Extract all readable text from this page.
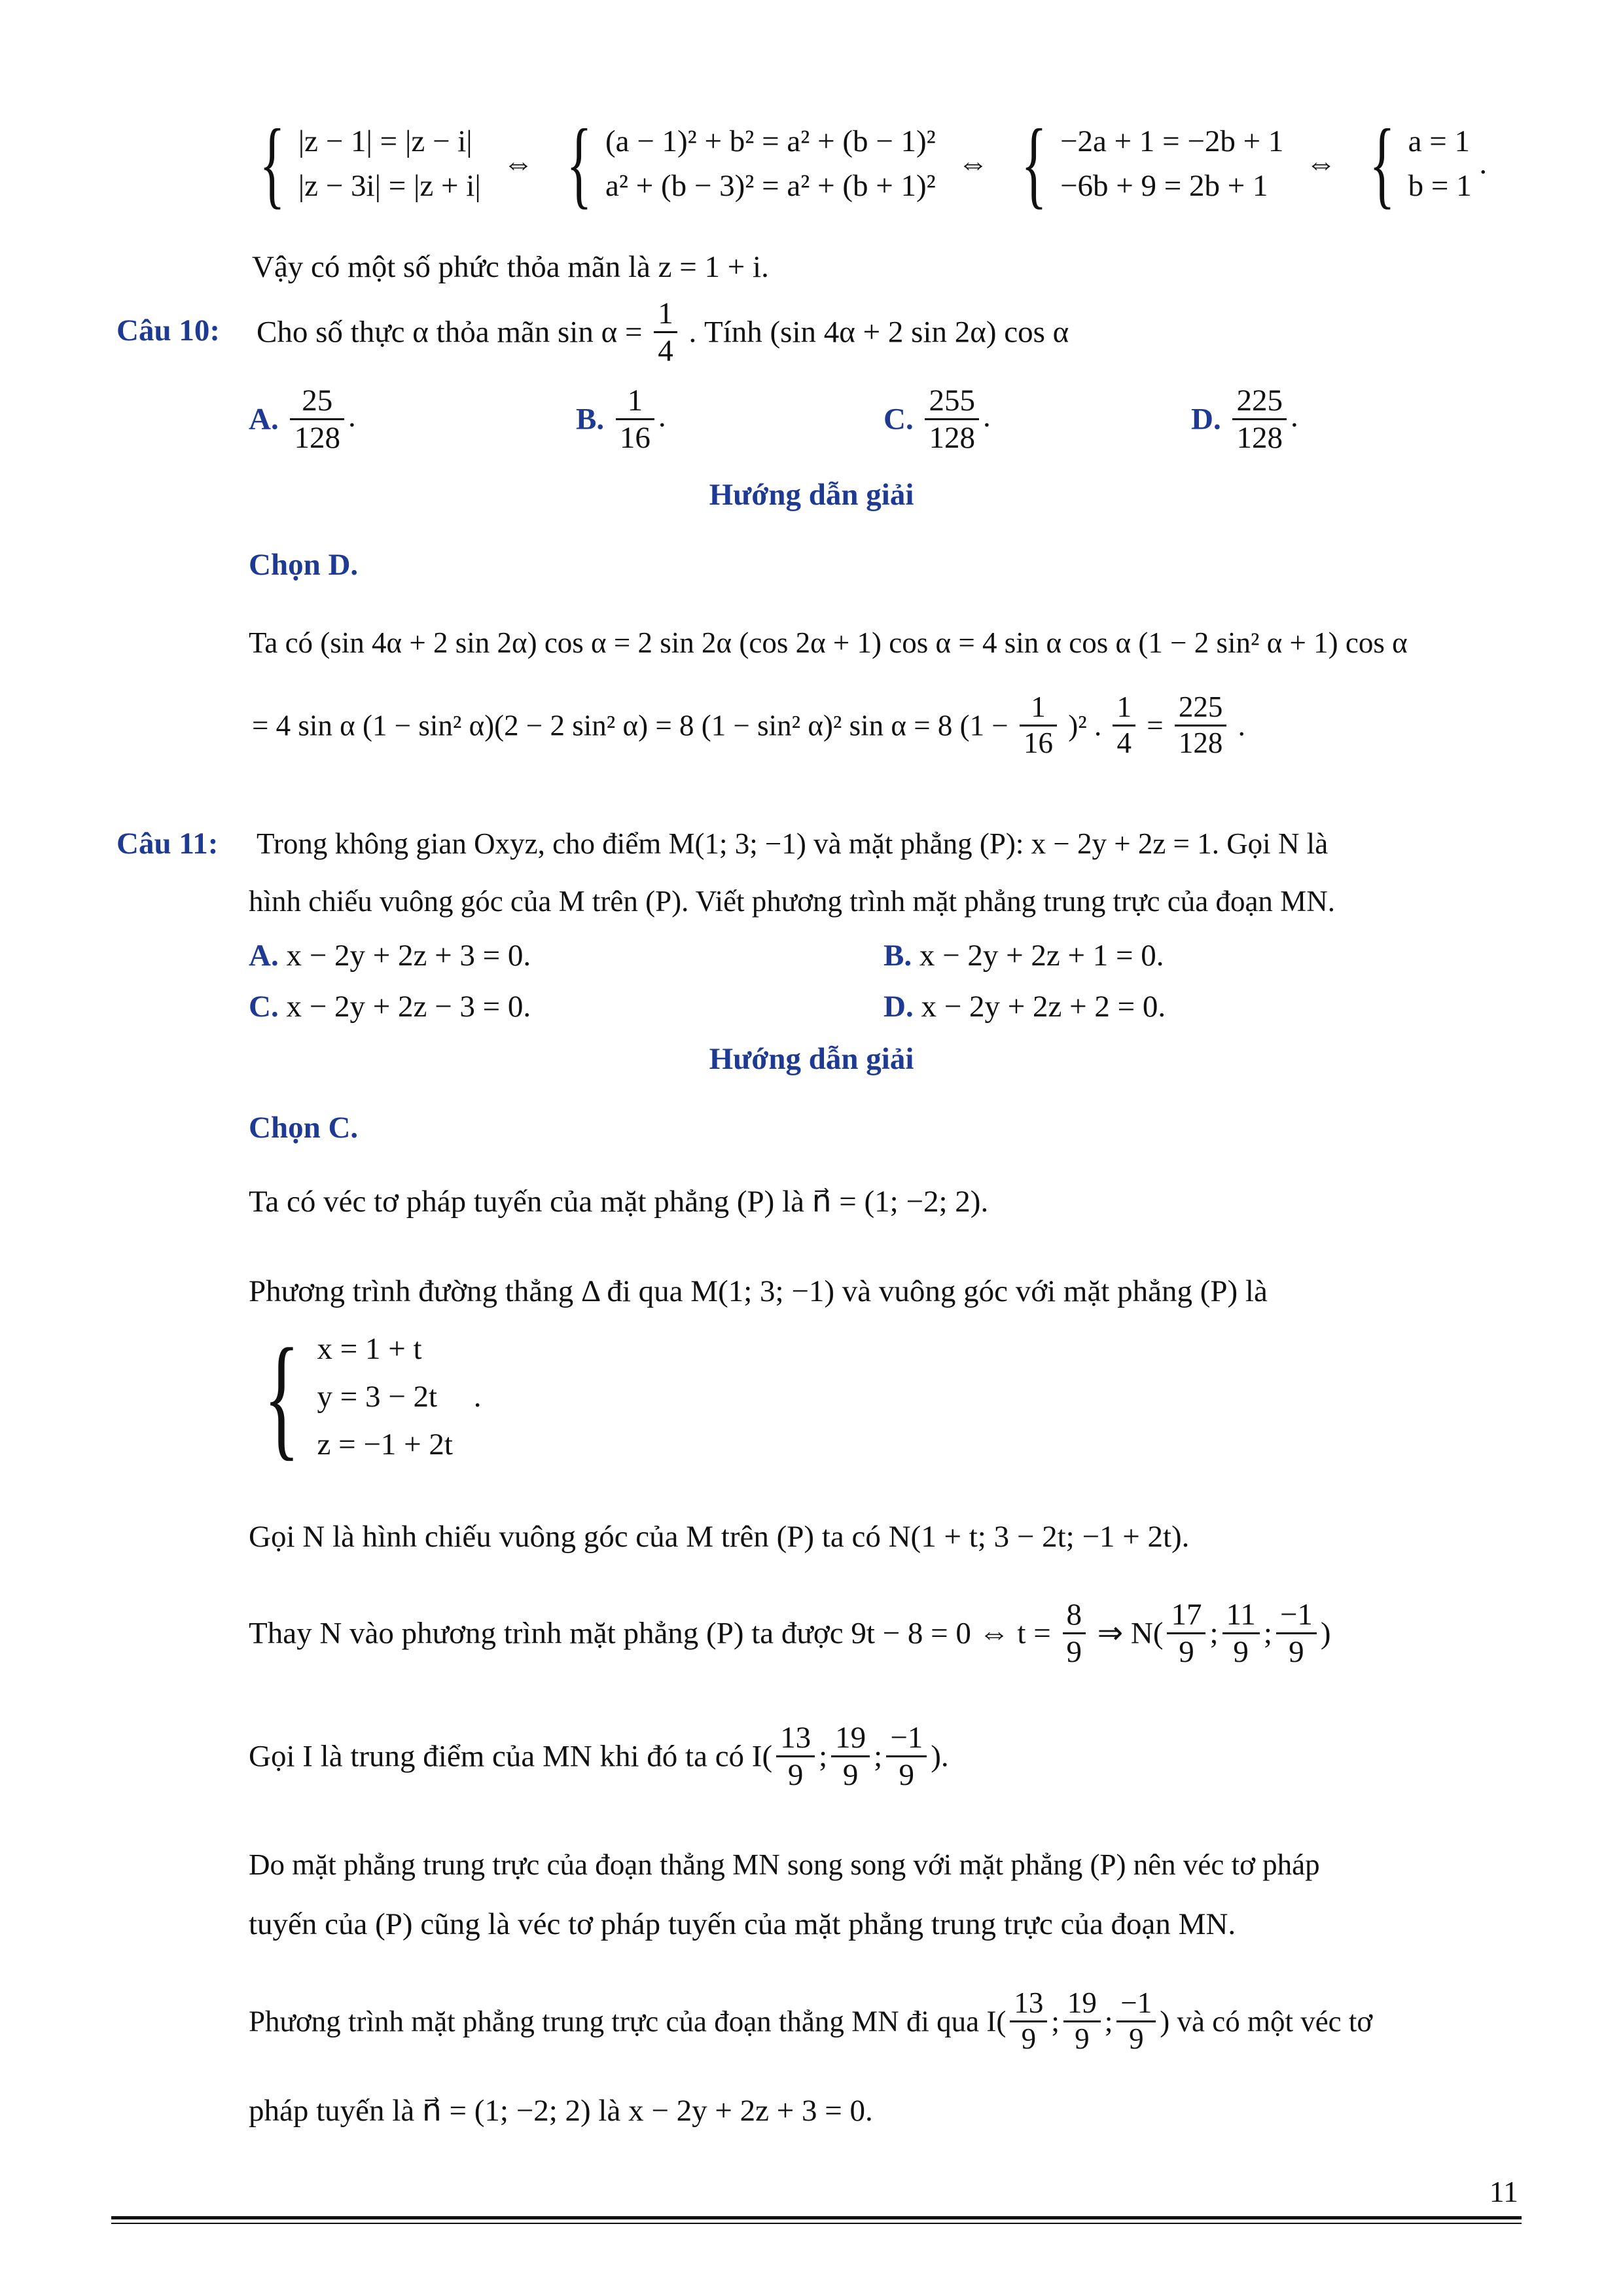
{ |z − 1| = |z − i|
|z − 3i| = |z + i|
⇔ { (a − 1)² + b² = a² + (b − 1)²
a² + (b − 3)² = a² + (b + 1)²
⇔ { −2a + 1 = −2b + 1
−6b + 9 = 2b + 1
⇔ { a = 1
b = 1
.
Vậy có một số phức thỏa mãn là z = 1 + i.
Câu 10: Cho số thực α thỏa mãn $\sin \alpha = \frac{1}{4}$ . Tính (sin 4α + 2 sin 2α) cos α
A. $\frac{25}{128}$ .	B. $\frac{1}{16}$ .	C. $\frac{255}{128}$ .	D. $\frac{225}{128}$ .
Hướng dẫn giải
Chọn D.
Ta có (sin 4α + 2 sin 2α) cos α = 2 sin 2α (cos 2α + 1) cos α = 4 sin α cos α (1 − 2 sin² α + 1) cos α
= 4 sin α (1 − sin² α)(2 − 2 sin² α) = 8 (1 − sin² α)² sin α = 8 $(1 - \frac{1}{16} )^2$ . $\frac{1}{4} = \frac{225}{128}$ .
Câu 11: Trong không gian Oxyz, cho điểm M(1; 3; −1) và mặt phẳng (P): x − 2y + 2z = 1. Gọi N là
hình chiếu vuông góc của M trên (P). Viết phương trình mặt phẳng trung trực của đoạn MN.
A. x − 2y + 2z + 3 = 0.	B. x − 2y + 2z + 1 = 0.
C. x − 2y + 2z − 3 = 0.	D. x − 2y + 2z + 2 = 0.
Hướng dẫn giải
Chọn C.
Ta có véc tơ pháp tuyến của mặt phẳng (P) là n⃗ = (1; −2; 2).
Phương trình đường thẳng Δ đi qua M(1; 3; −1) và vuông góc với mặt phẳng (P) là
{ x = 1 + t
y = 3 − 2t
z = −1 + 2t
.
Gọi N là hình chiếu vuông góc của M trên (P) ta có N(1 + t; 3 − 2t; −1 + 2t).
Thay N vào phương trình mặt phẳng (P) ta được 9t − 8 = 0 ⇔ $t = \frac{8}{9}$ ⇒ $N( \frac{17}{9}$ ; $\frac{11}{9}$ ; $\frac{-1}{9}$ )
Gọi I là trung điểm của MN khi đó ta có $I( \frac{13}{9}$ ; $\frac{19}{9}$ ; $\frac{-1}{9}$ ).
Do mặt phẳng trung trực của đoạn thẳng MN song song với mặt phẳng (P) nên véc tơ pháp
tuyến của (P) cũng là véc tơ pháp tuyến của mặt phẳng trung trực của đoạn MN.
Phương trình mặt phẳng trung trực của đoạn thẳng MN đi qua $I( \frac{13}{9}$ ; $\frac{19}{9}$ ; $\frac{-1}{9}$ ) và có một véc tơ
pháp tuyến là n⃗ = (1; −2; 2) là x − 2y + 2z + 3 = 0.
11
